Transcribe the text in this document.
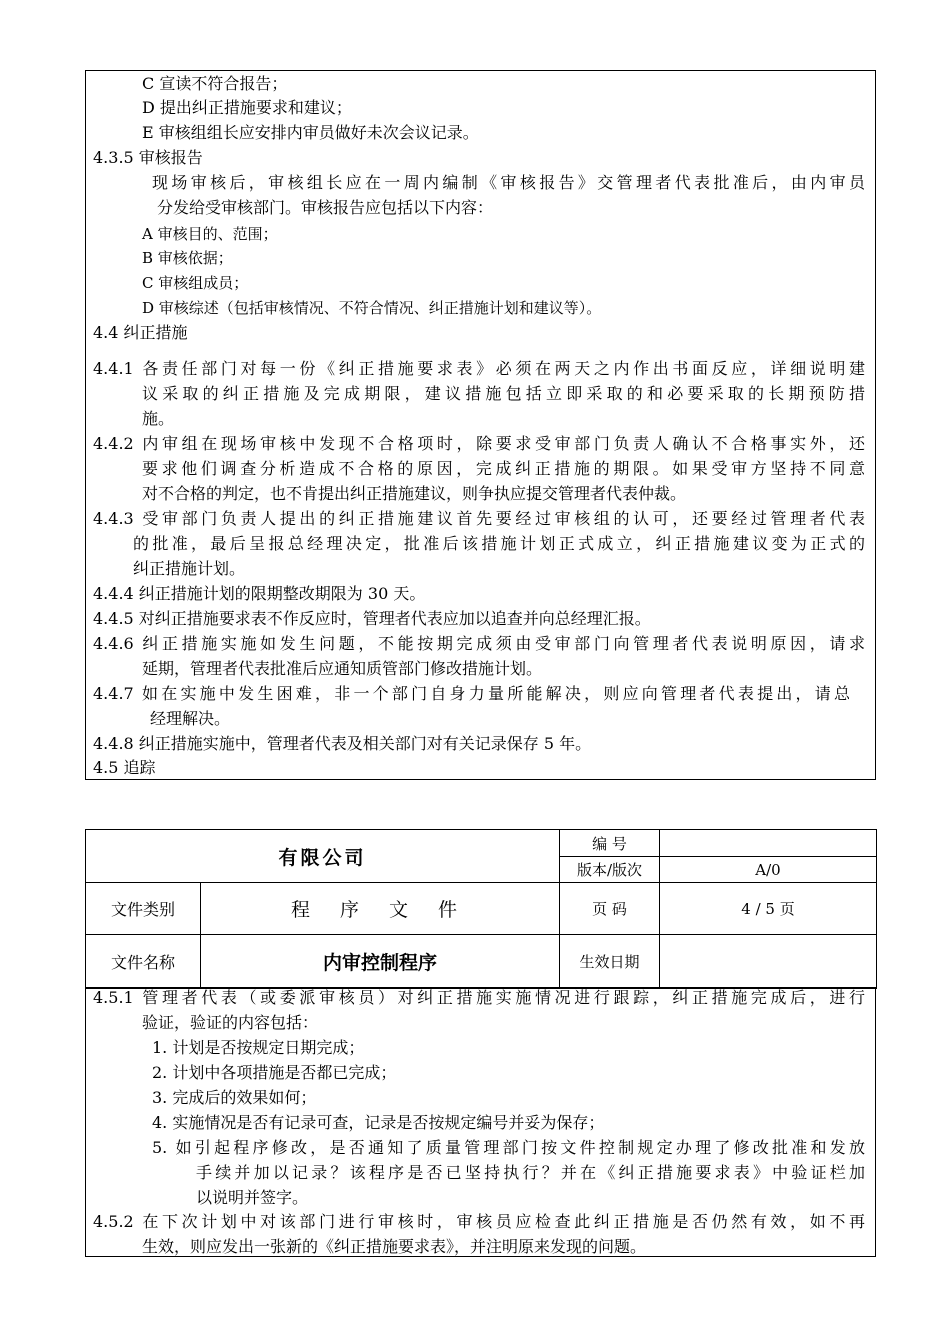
C 宣读不符合报告；
D 提出纠正措施要求和建议；
E 审核组组长应安排内审员做好未次会议记录。
4.3.5 审核报告
现场审核后，审核组长应在一周内编制《审核报告》交管理者代表批准后，由内审员
分发给受审核部门。审核报告应包括以下内容：
A 审核目的、范围；
B 审核依据；
C 审核组成员；
D 审核综述（包括审核情况、不符合情况、纠正措施计划和建议等）。
4.4 纠正措施
4.4.1 各责任部门对每一份《纠正措施要求表》必须在两天之内作出书面反应，详细说明建
议采取的纠正措施及完成期限，建议措施包括立即采取的和必要采取的长期预防措
施。
4.4.2 内审组在现场审核中发现不合格项时，除要求受审部门负责人确认不合格事实外，还
要求他们调查分析造成不合格的原因，完成纠正措施的期限。如果受审方坚持不同意
对不合格的判定，也不肯提出纠正措施建议，则争执应提交管理者代表仲裁。
4.4.3 受审部门负责人提出的纠正措施建议首先要经过审核组的认可，还要经过管理者代表
的批准，最后呈报总经理决定，批准后该措施计划正式成立，纠正措施建议变为正式的
纠正措施计划。
4.4.4 纠正措施计划的限期整改期限为 30 天。
4.4.5 对纠正措施要求表不作反应时，管理者代表应加以追查并向总经理汇报。
4.4.6 纠正措施实施如发生问题，不能按期完成须由受审部门向管理者代表说明原因，请求
延期，管理者代表批准后应通知质管部门修改措施计划。
4.4.7 如在实施中发生困难，非一个部门自身力量所能解决，则应向管理者代表提出，请总
经理解决。
4.4.8 纠正措施实施中，管理者代表及相关部门对有关记录保存 5 年。
4.5 追踪
有限公司		编 号	
		版本/版次	A/0
文件类别	程 序 文 件	页 码	4 / 5 页
文件名称	内审控制程序	生效日期	
4.5.1 管理者代表（或委派审核员）对纠正措施实施情况进行跟踪，纠正措施完成后，进行
验证，验证的内容包括：
1. 计划是否按规定日期完成；
2. 计划中各项措施是否都已完成；
3. 完成后的效果如何；
4. 实施情况是否有记录可查，记录是否按规定编号并妥为保存；
5. 如引起程序修改，是否通知了质量管理部门按文件控制规定办理了修改批准和发放
手续并加以记录？该程序是否已坚持执行？并在《纠正措施要求表》中验证栏加
以说明并签字。
4.5.2 在下次计划中对该部门进行审核时，审核员应检查此纠正措施是否仍然有效，如不再
生效，则应发出一张新的《纠正措施要求表》，并注明原来发现的问题。
